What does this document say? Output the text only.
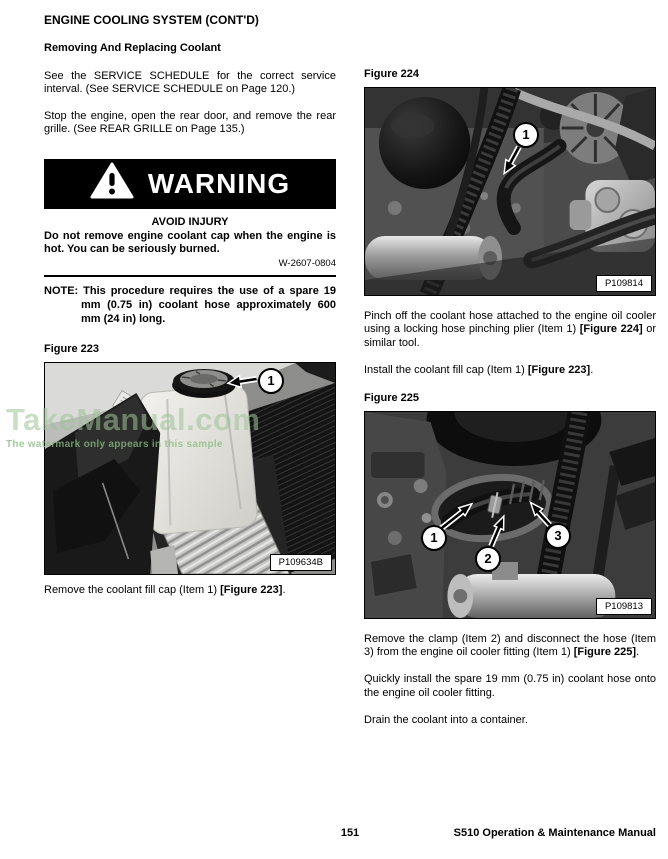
ENGINE COOLING SYSTEM (CONT'D)
Removing And Replacing Coolant

See the SERVICE SCHEDULE for the correct service interval. (See SERVICE SCHEDULE on Page 120.)

Stop the engine, open the rear door, and remove the rear grille. (See REAR GRILLE on Page 135.)

WARNING
AVOID INJURY
Do not remove engine coolant cap when the engine is hot. You can be seriously burned.
W-2607-0804
NOTE: This procedure requires the use of a spare 19 mm (0.75 in) coolant hose approximately 600 mm (24 in) long.
Figure 223
1
P109634B

Remove the coolant fill cap (Item 1) [Figure 223].

Figure 224
1
P109814

Pinch off the coolant hose attached to the engine oil cooler using a locking hose pinching plier (Item 1) [Figure 224] or similar tool.

Install the coolant fill cap (Item 1) [Figure 223].

Figure 225
1
2
3
P109813

Remove the clamp (Item 2) and disconnect the hose (Item 3) from the engine oil cooler fitting (Item 1) [Figure 225].

Quickly install the spare 19 mm (0.75 in) coolant hose onto the engine oil cooler fitting.

Drain the coolant into a container.

TakeManual.com
The watermark only appears in this sample
151	S510 Operation & Maintenance Manual
